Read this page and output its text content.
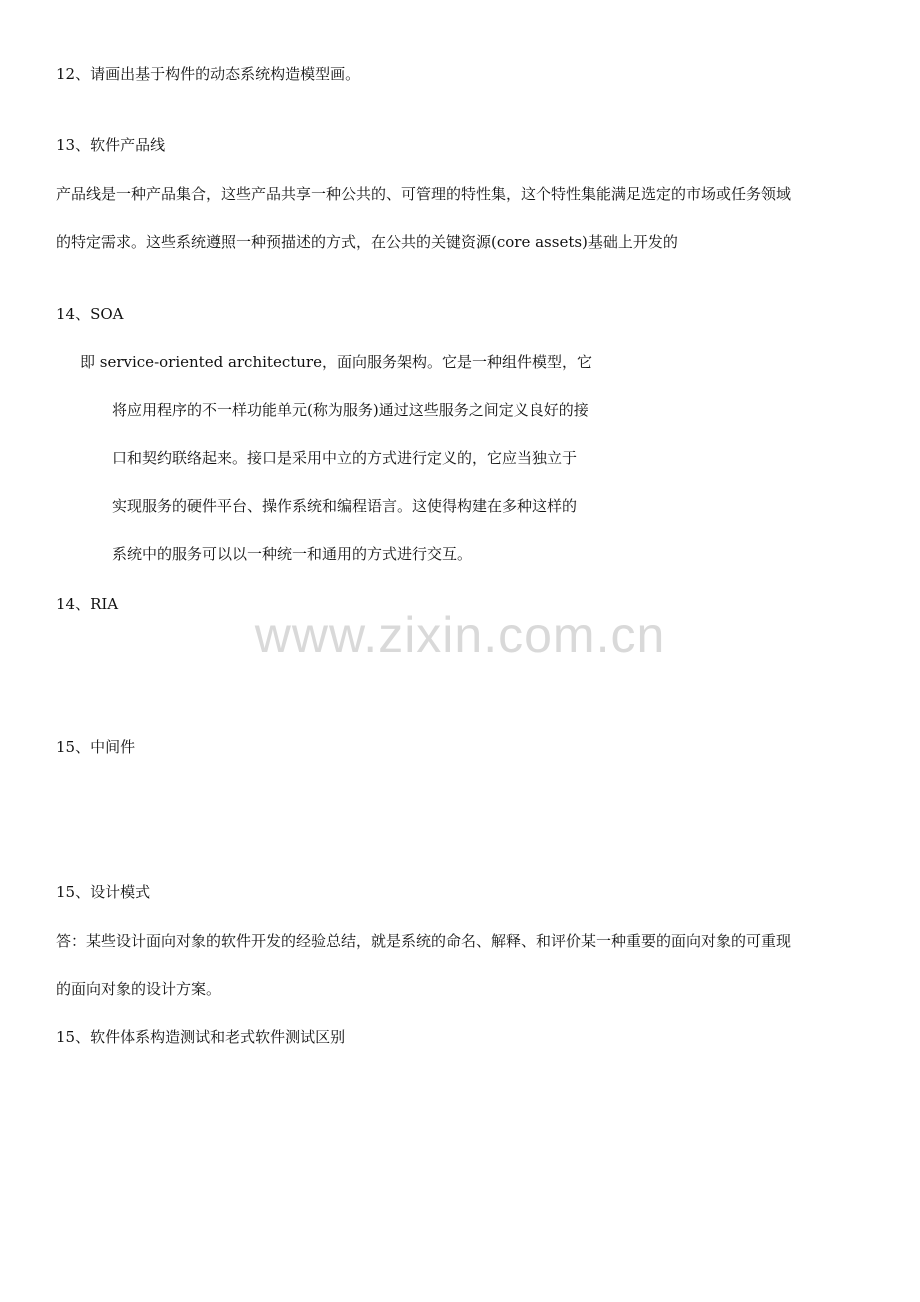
12、请画出基于构件的动态系统构造模型画。
13、软件产品线
产品线是一种产品集合，这些产品共享一种公共的、可管理的特性集，这个特性集能满足选定的市场或任务领域
的特定需求。这些系统遵照一种预描述的方式，在公共的关键资源(core assets)基础上开发的
14、SOA
即 service-oriented architecture，面向服务架构。它是一种组件模型，它
将应用程序的不一样功能单元(称为服务)通过这些服务之间定义良好的接
口和契约联络起来。接口是采用中立的方式进行定义的，它应当独立于
实现服务的硬件平台、操作系统和编程语言。这使得构建在多种这样的
系统中的服务可以以一种统一和通用的方式进行交互。
14、RIA
15、中间件
15、设计模式
答：某些设计面向对象的软件开发的经验总结，就是系统的命名、解释、和评价某一种重要的面向对象的可重现
的面向对象的设计方案。
15、软件体系构造测试和老式软件测试区别
www.zixin.com.cn
